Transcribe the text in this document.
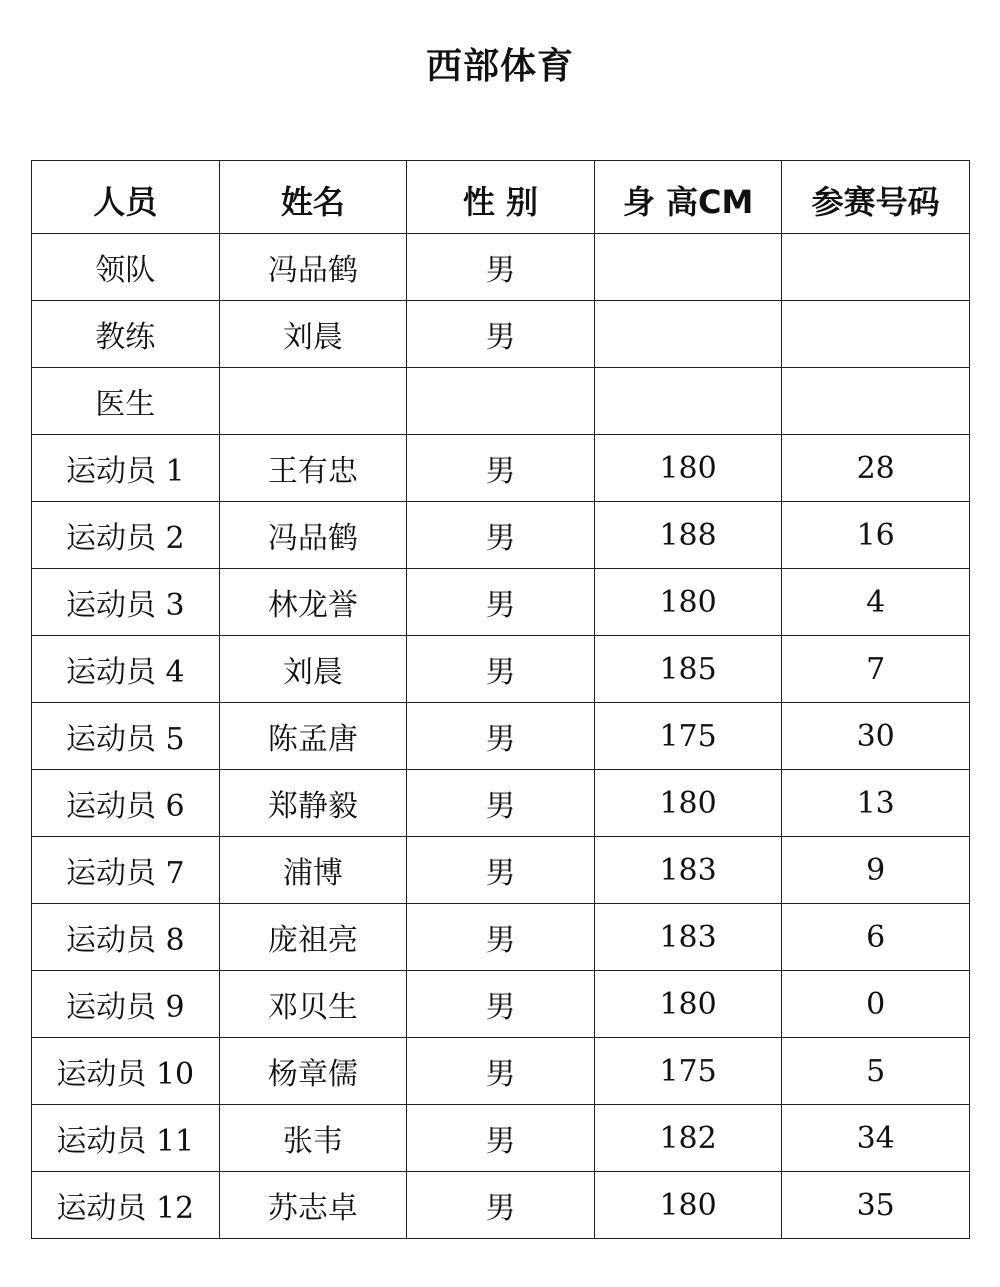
西部体育
人员	姓名	性 别	身 高CM	参赛号码
领队	冯品鹤	男		
教练	刘晨	男		
医生				
运动员 1	王有忠	男	180	28
运动员 2	冯品鹤	男	188	16
运动员 3	林龙誉	男	180	4
运动员 4	刘晨	男	185	7
运动员 5	陈孟唐	男	175	30
运动员 6	郑静毅	男	180	13
运动员 7	浦博	男	183	9
运动员 8	庞祖亮	男	183	6
运动员 9	邓贝生	男	180	0
运动员 10	杨章儒	男	175	5
运动员 11	张韦	男	182	34
运动员 12	苏志卓	男	180	35
